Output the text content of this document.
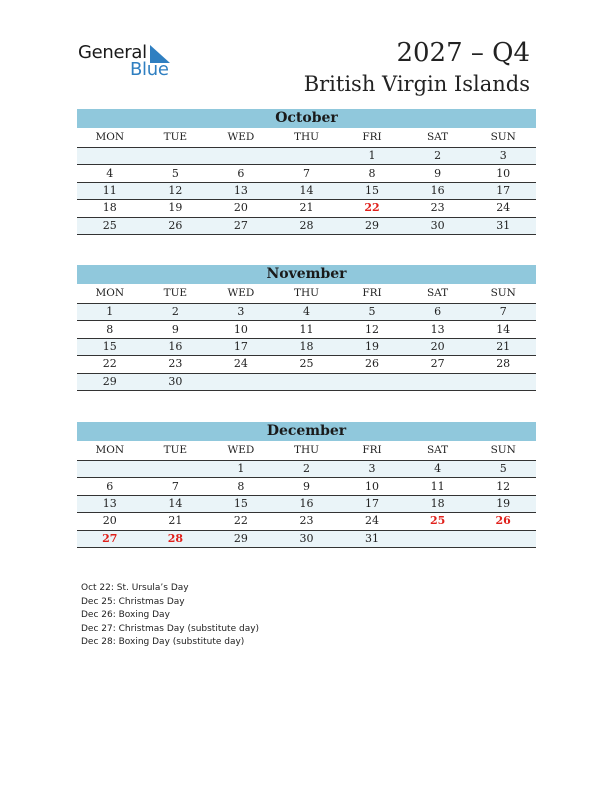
General
Blue
2027 – Q4
British Virgin Islands
October
MON	TUE	WED	THU	FRI	SAT	SUN
				1	2	3
4	5	6	7	8	9	10
11	12	13	14	15	16	17
18	19	20	21	22	23	24
25	26	27	28	29	30	31
November
MON	TUE	WED	THU	FRI	SAT	SUN
1	2	3	4	5	6	7
8	9	10	11	12	13	14
15	16	17	18	19	20	21
22	23	24	25	26	27	28
29	30					
December
MON	TUE	WED	THU	FRI	SAT	SUN
		1	2	3	4	5
6	7	8	9	10	11	12
13	14	15	16	17	18	19
20	21	22	23	24	25	26
27	28	29	30	31		
Oct 22: St. Ursula’s Day
Dec 25: Christmas Day
Dec 26: Boxing Day
Dec 27: Christmas Day (substitute day)
Dec 28: Boxing Day (substitute day)
